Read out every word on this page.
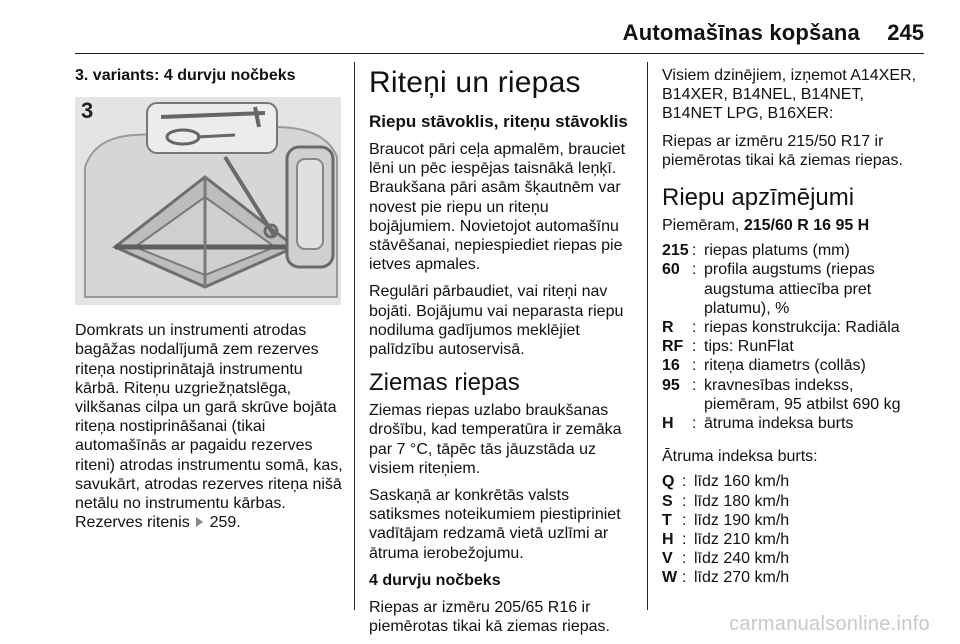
Automašīnas kopšana 245

3. variants: 4 durvju nočbeks

3

Domkrats un instrumenti atrodas bagāžas nodalījumā zem rezerves riteņa nostiprinātajā instrumentu kārbā. Riteņu uzgriežņatslēga, vilkšanas cilpa un garā skrūve bojāta riteņa nostiprināšanai (tikai automašīnās ar pagaidu rezerves riteni) atrodas instrumentu somā, kas, savukārt, atrodas rezerves riteņa nišā netālu no instrumentu kārbas.

Rezerves ritenis 259.

Riteņi un riepas
Riepu stāvoklis, riteņu stāvoklis

Braucot pāri ceļa apmalēm, brauciet lēni un pēc iespējas taisnākā leņķī. Braukšana pāri asām šķautnēm var novest pie riepu un riteņu bojājumiem. Novietojot automašīnu stāvēšanai, nepiespiediet riepas pie ietves apmales.

Regulāri pārbaudiet, vai riteņi nav bojāti. Bojājumu vai neparasta riepu nodiluma gadījumos meklējiet palīdzību autoservisā.

Ziemas riepas

Ziemas riepas uzlabo braukšanas drošību, kad temperatūra ir zemāka par 7 °C, tāpēc tās jāuzstāda uz visiem riteņiem.

Saskaņā ar konkrētās valsts satiksmes noteikumiem piestipriniet vadītājam redzamā vietā uzlīmi ar ātruma ierobežojumu.

4 durvju nočbeks

Riepas ar izmēru 205/65 R16 ir piemērotas tikai kā ziemas riepas.

Visiem dzinējiem, izņemot A14XER, B14XER, B14NEL, B14NET, B14NET LPG, B16XER:

Riepas ar izmēru 215/50 R17 ir piemērotas tikai kā ziemas riepas.

Riepu apzīmējumi

Piemēram, 215/60 R 16 95 H

215 : riepas platums (mm)
60 : profila augstums (riepas augstuma attiecība pret platumu), %
R	: riepas konstrukcija: Radiāla
RF : tips: RunFlat
16 : riteņa diametrs (collās)
95 : kravnesības indekss, piemēram, 95 atbilst 690 kg
H	: ātruma indeksa burts

Ātruma indeksa burts:

Q : līdz 160 km/h
S : līdz 180 km/h
T : līdz 190 km/h
H : līdz 210 km/h
V : līdz 240 km/h
W : līdz 270 km/h
carmanualsonline.info
